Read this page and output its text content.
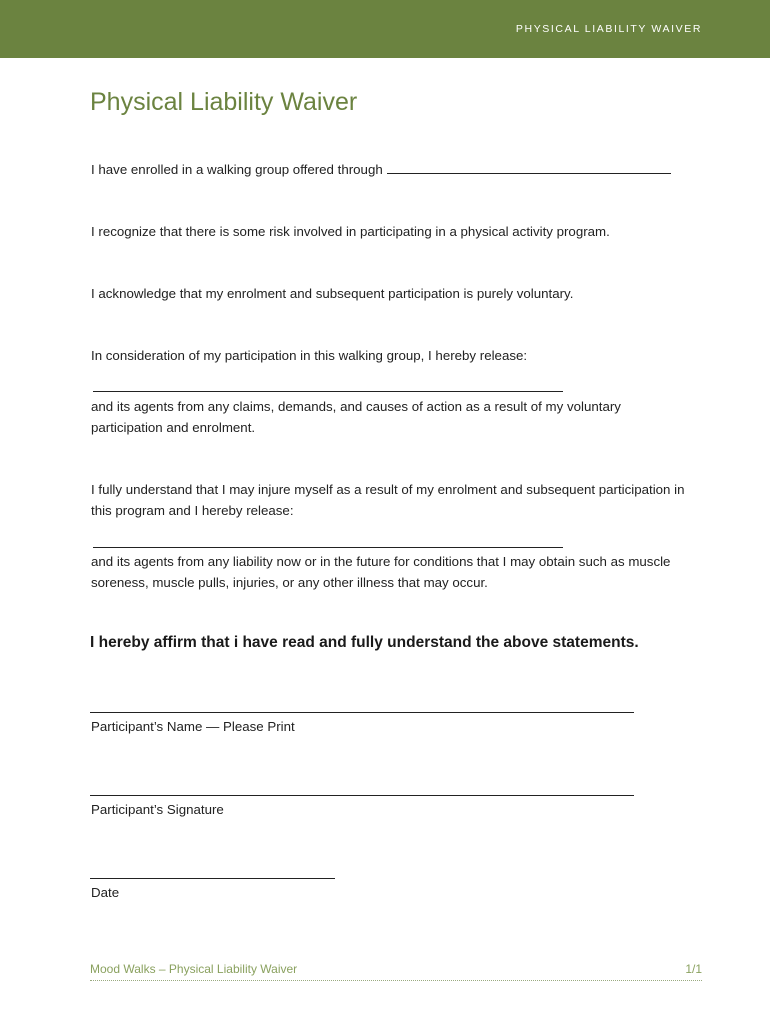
PHYSICAL LIABILITY WAIVER
Physical Liability Waiver

I have enrolled in a walking group offered through

I recognize that there is some risk involved in participating in a physical activity program.

I acknowledge that my enrolment and subsequent participation is purely voluntary.

In consideration of my participation in this walking group, I hereby release:

and its agents from any claims, demands, and causes of action as a result of my voluntary participation and enrolment.

I fully understand that I may injure myself as a result of my enrolment and subsequent participation in this program and I hereby release:

and its agents from any liability now or in the future for conditions that I may obtain such as muscle soreness, muscle pulls, injuries, or any other illness that may occur.

I hereby affirm that i have read and fully understand the above statements.

Participant’s Name — Please Print
Participant’s Signature
Date
Mood Walks – Physical Liability Waiver	1/1
